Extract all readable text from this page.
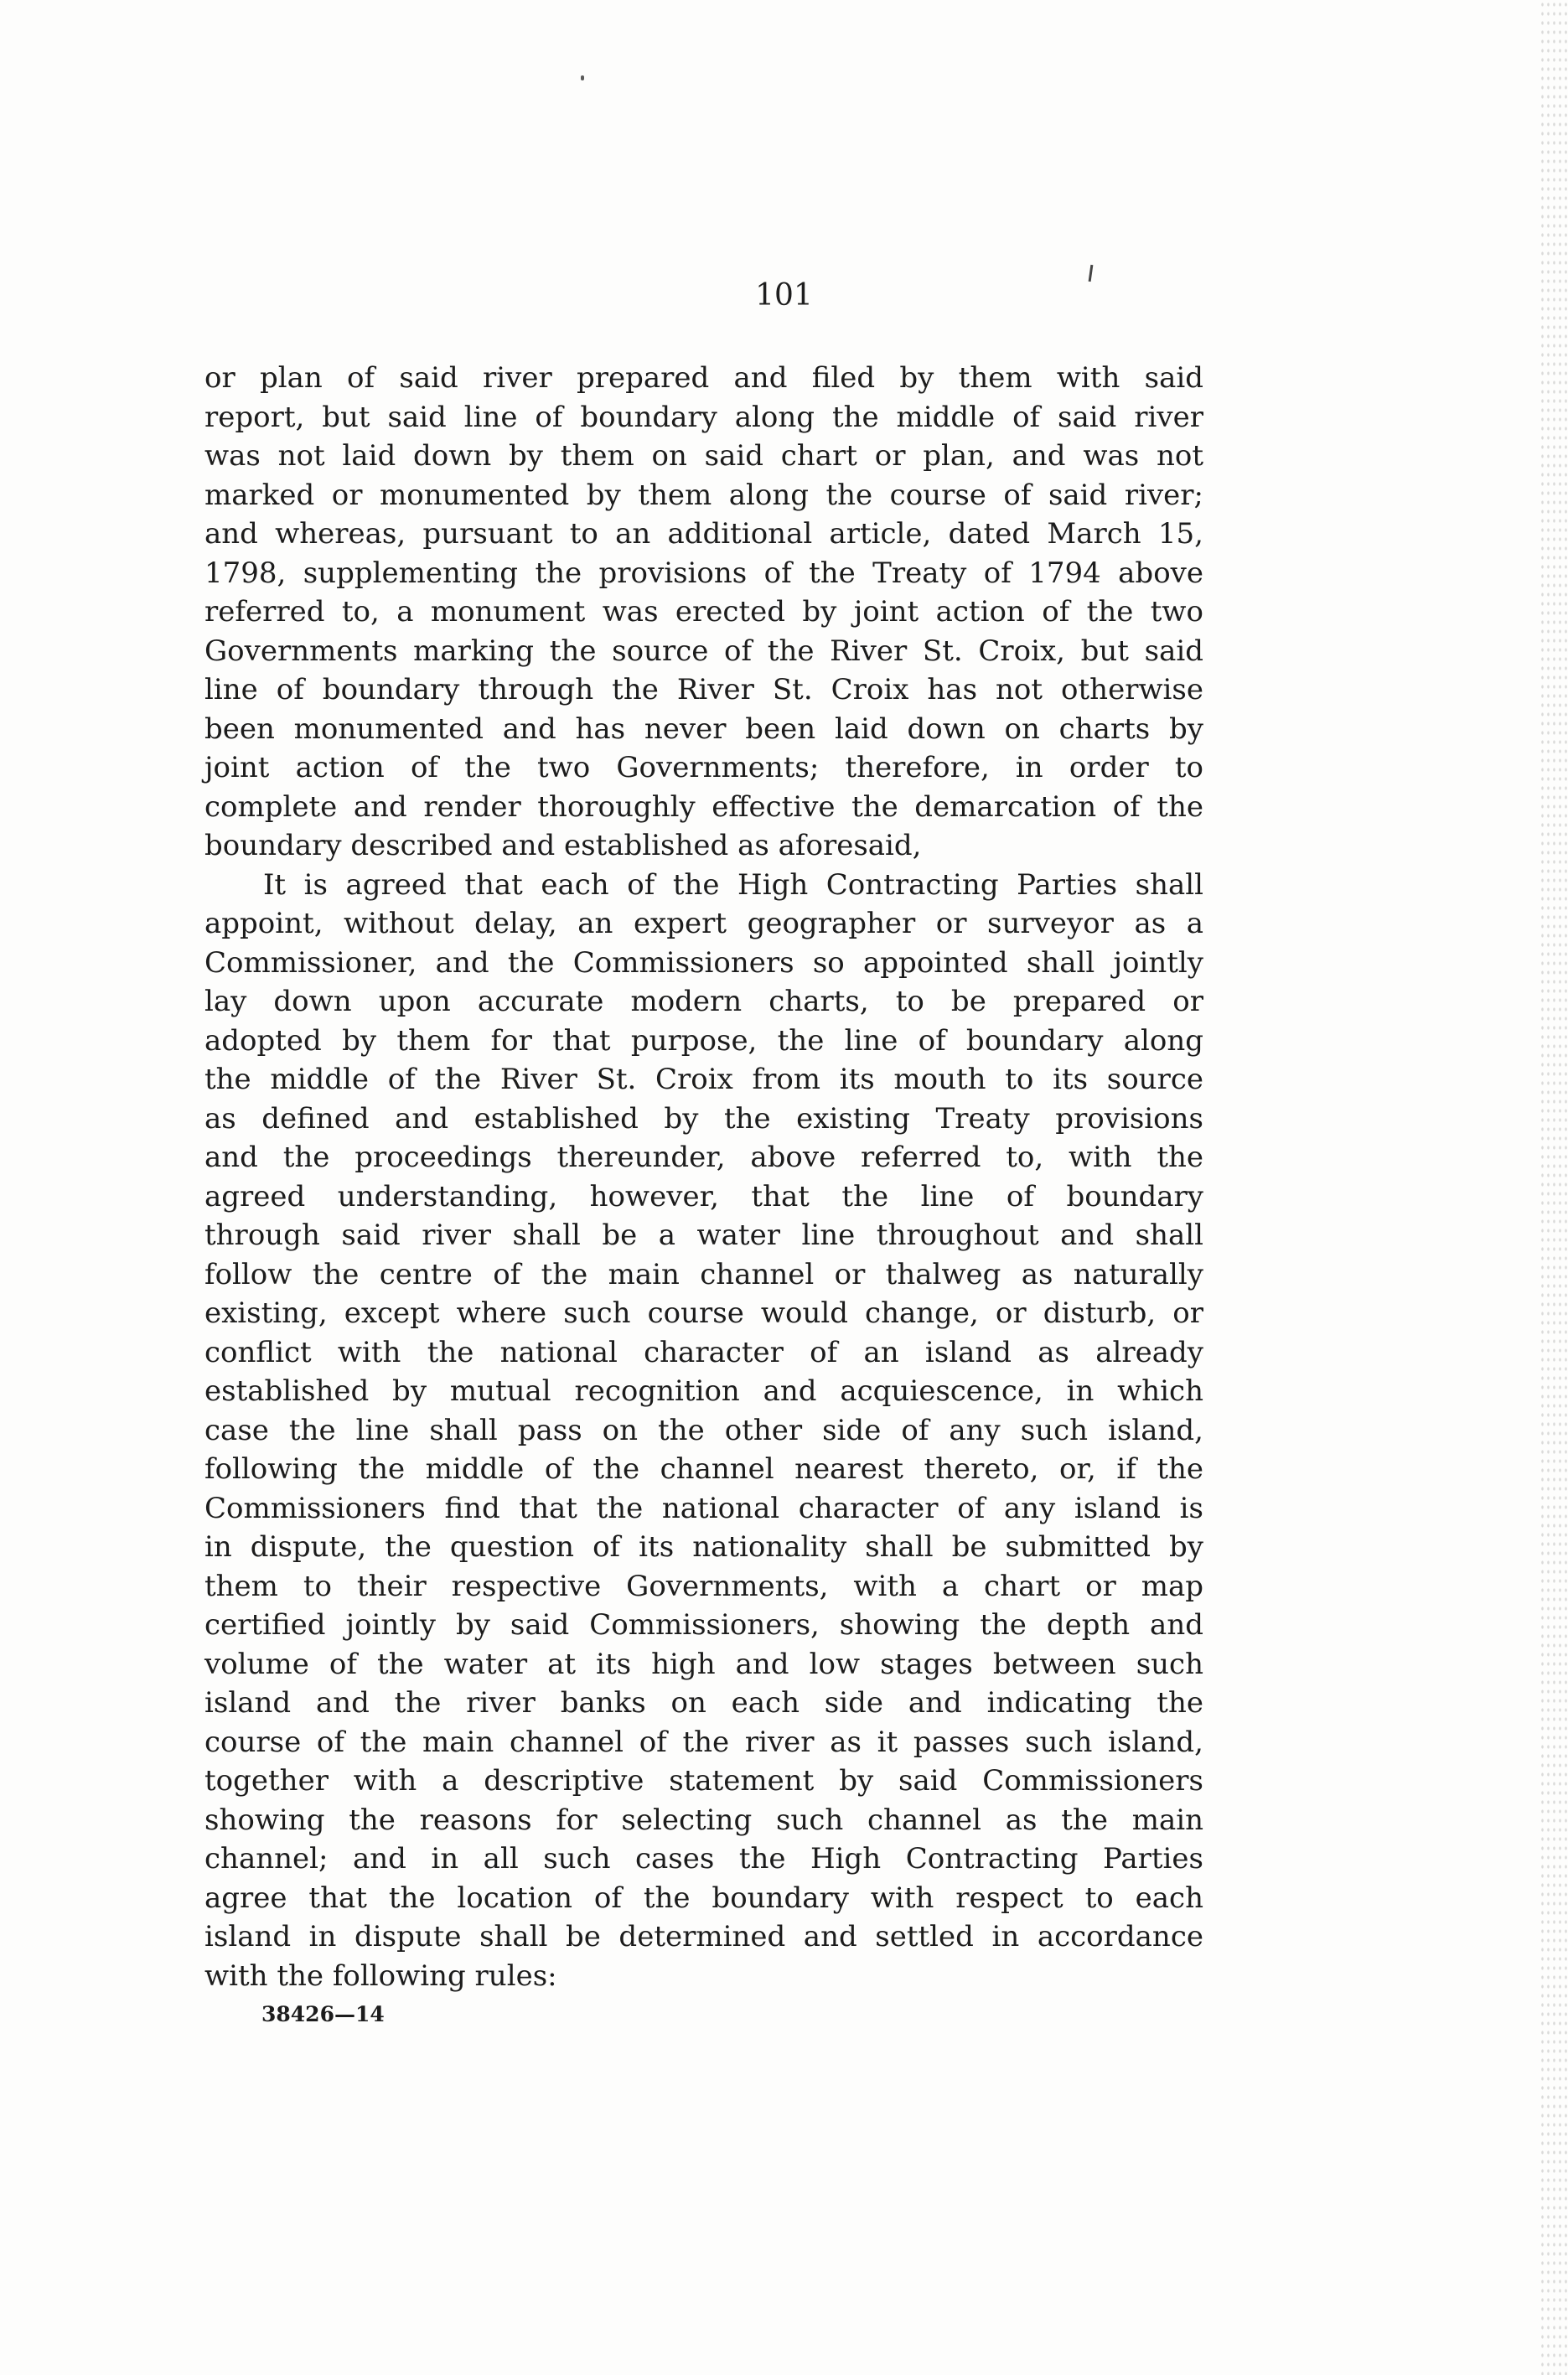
101
or plan of said river prepared and filed by them with said
report, but said line of boundary along the middle of said river
was not laid down by them on said chart or plan, and was not
marked or monumented by them along the course of said river;
and whereas, pursuant to an additional article, dated March 15,
1798, supplementing the provisions of the Treaty of 1794 above
referred to, a monument was erected by joint action of the two
Governments marking the source of the River St. Croix, but said
line of boundary through the River St. Croix has not otherwise
been monumented and has never been laid down on charts by
joint action of the two Governments; therefore, in order to
complete and render thoroughly effective the demarcation of the
boundary described and established as aforesaid,
It is agreed that each of the High Contracting Parties shall
appoint, without delay, an expert geographer or surveyor as a
Commissioner, and the Commissioners so appointed shall jointly
lay down upon accurate modern charts, to be prepared or
adopted by them for that purpose, the line of boundary along
the middle of the River St. Croix from its mouth to its source
as defined and established by the existing Treaty provisions
and the proceedings thereunder, above referred to, with the
agreed understanding, however, that the line of boundary
through said river shall be a water line throughout and shall
follow the centre of the main channel or thalweg as naturally
existing, except where such course would change, or disturb, or
conflict with the national character of an island as already
established by mutual recognition and acquiescence, in which
case the line shall pass on the other side of any such island,
following the middle of the channel nearest thereto, or, if the
Commissioners find that the national character of any island is
in dispute, the question of its nationality shall be submitted by
them to their respective Governments, with a chart or map
certified jointly by said Commissioners, showing the depth and
volume of the water at its high and low stages between such
island and the river banks on each side and indicating the
course of the main channel of the river as it passes such island,
together with a descriptive statement by said Commissioners
showing the reasons for selecting such channel as the main
channel; and in all such cases the High Contracting Parties
agree that the location of the boundary with respect to each
island in dispute shall be determined and settled in accordance
with the following rules:
38426—14
